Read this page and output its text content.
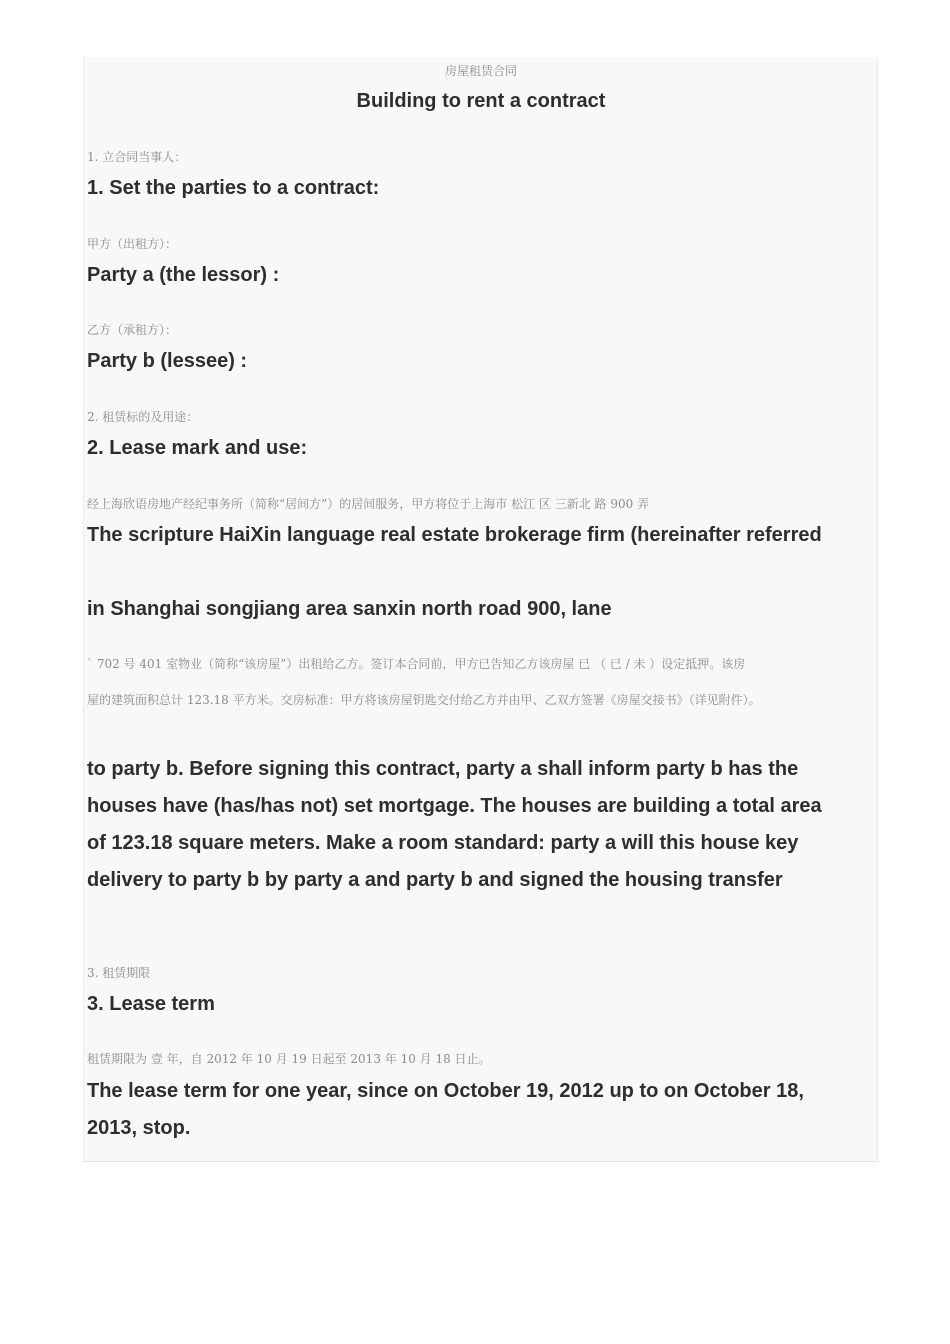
房屋租赁合同
Building to rent a contract
1. 立合同当事人：
1. Set the parties to a contract:
甲方（出租方）：
Party a (the lessor) :
乙方（承租方）：
Party b (lessee) :
2. 租赁标的及用途：
2. Lease mark and use:
经上海欣语房地产经纪事务所（简称“居间方”）的居间服务，甲方将位于上海市 松江 区 三新北 路 900 弄
The scripture HaiXin language real estate brokerage firm (hereinafter referred
in Shanghai songjiang area sanxin north road 900, lane
` 702 号 401 室物业（简称“该房屋”）出租给乙方。签订本合同前，甲方已告知乙方该房屋 已 （ 已 / 未 ）设定抵押。该房
屋的建筑面积总计 123.18 平方米。交房标准：甲方将该房屋钥匙交付给乙方并由甲、乙双方签署《房屋交接书》（详见附件）。
to party b. Before signing this contract, party a shall inform party b has the
houses have (has/has not) set mortgage. The houses are building a total area
of 123.18 square meters. Make a room standard: party a will this house key
delivery to party b by party a and party b and signed the housing transfer
3. 租赁期限
3. Lease term
租赁期限为 壹 年，自 2012 年 10 月 19 日起至 2013 年 10 月 18 日止。
The lease term for one year, since on October 19, 2012 up to on October 18,
2013, stop.
